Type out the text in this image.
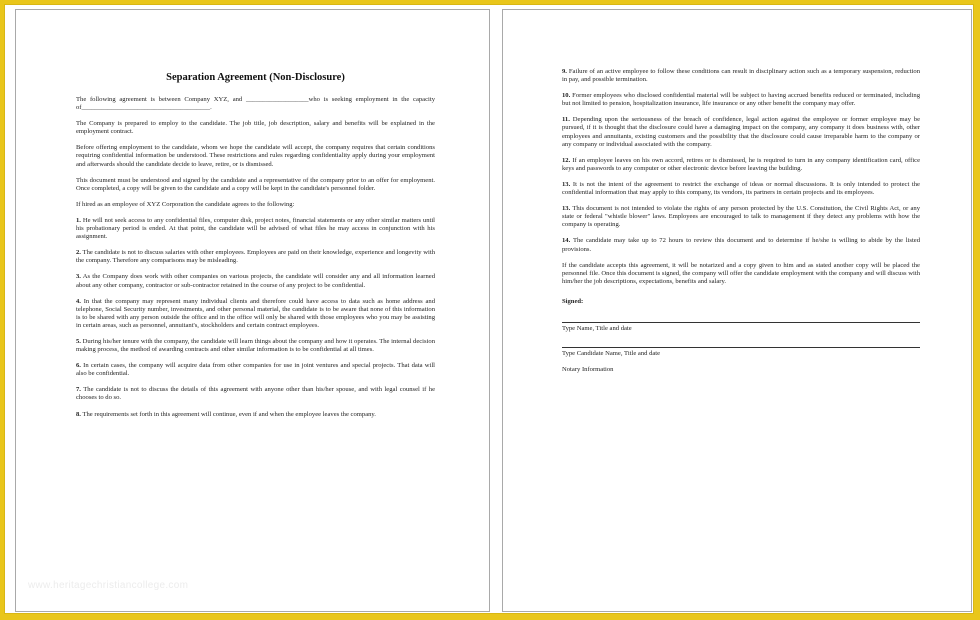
Separation Agreement (Non-Disclosure)
The following agreement is between Company XYZ, and ___________________who is seeking employment in the capacity of_______________________________________.
The Company is prepared to employ to the candidate. The job title, job description, salary and benefits will be explained in the employment contract.
Before offering employment to the candidate, whom we hope the candidate will accept, the company requires that certain conditions requiring confidential information be understood. These restrictions and rules regarding confidentiality apply during your employment and afterwards should the candidate decide to leave, retire, or is dismissed.
This document must be understood and signed by the candidate and a representative of the company prior to an offer for employment. Once completed, a copy will be given to the candidate and a copy will be kept in the candidate's personnel folder.
If hired as an employee of XYZ Corporation the candidate agrees to the following:
1. He will not seek access to any confidential files, computer disk, project notes, financial statements or any other similar matters until his probationary period is ended. At that point, the candidate will be advised of what files he may access in conjunction with his assignment.
2. The candidate is not to discuss salaries with other employees. Employees are paid on their knowledge, experience and longevity with the company. Therefore any comparisons may be misleading.
3. As the Company does work with other companies on various projects, the candidate will consider any and all information learned about any other company, contractor or sub-contractor retained in the course of any project to be confidential.
4. In that the company may represent many individual clients and therefore could have access to data such as home address and telephone, Social Security number, investments, and other personal material, the candidate is to be aware that none of this information is to be shared with any person outside the office and in the office will only be shared with those employees who you may be assisting in certain areas, such as personnel, annuitant's, stockholders and certain contract employees.
5. During his/her tenure with the company, the candidate will learn things about the company and how it operates. The internal decision making process, the method of awarding contracts and other similar information is to be confidential at all times.
6. In certain cases, the company will acquire data from other companies for use in joint ventures and special projects. That data will also be confidential.
7. The candidate is not to discuss the details of this agreement with anyone other than his/her spouse, and with legal counsel if he chooses to do so.
8. The requirements set forth in this agreement will continue, even if and when the employee leaves the company.
www.heritagechristiancollege.com
9. Failure of an active employee to follow these conditions can result in disciplinary action such as a temporary suspension, reduction in pay, and possible termination.
10. Former employees who disclosed confidential material will be subject to having accrued benefits reduced or terminated, including but not limited to pension, hospitalization insurance, life insurance or any other benefit the company may offer.
11. Depending upon the seriousness of the breach of confidence, legal action against the employee or former employee may be pursued, if it is thought that the disclosure could have a damaging impact on the company, any company it does business with, other employees and annuitants, existing customers and the possibility that the disclosure could cause irreparable harm to the company or any company or individual associated with the company.
12. If an employee leaves on his own accord, retires or is dismissed, he is required to turn in any company identification card, office keys and passwords to any computer or other electronic device before leaving the building.
13. It is not the intent of the agreement to restrict the exchange of ideas or normal discussions. It is only intended to protect the confidential information that may apply to this company, its vendors, its partners in certain projects and its employees.
13. This document is not intended to violate the rights of any person protected by the U.S. Consitution, the Civil Rights Act, or any state or federal "whistle blower" laws. Employees are encouraged to talk to management if they detect any problems with how the company is operating.
14. The candidate may take up to 72 hours to review this document and to determine if he/she is willing to abide by the listed provisions.
If the candidate accepts this agreement, it will be notarized and a copy given to him and as stated another copy will be placed the personnel file. Once this document is signed, the company will offer the candidate employment with the company and will discuss with him/her the job descriptions, expectations, benefits and salary.
Signed:
Type Name, Title and date
Type Candidate Name, Title and date
Notary Information
